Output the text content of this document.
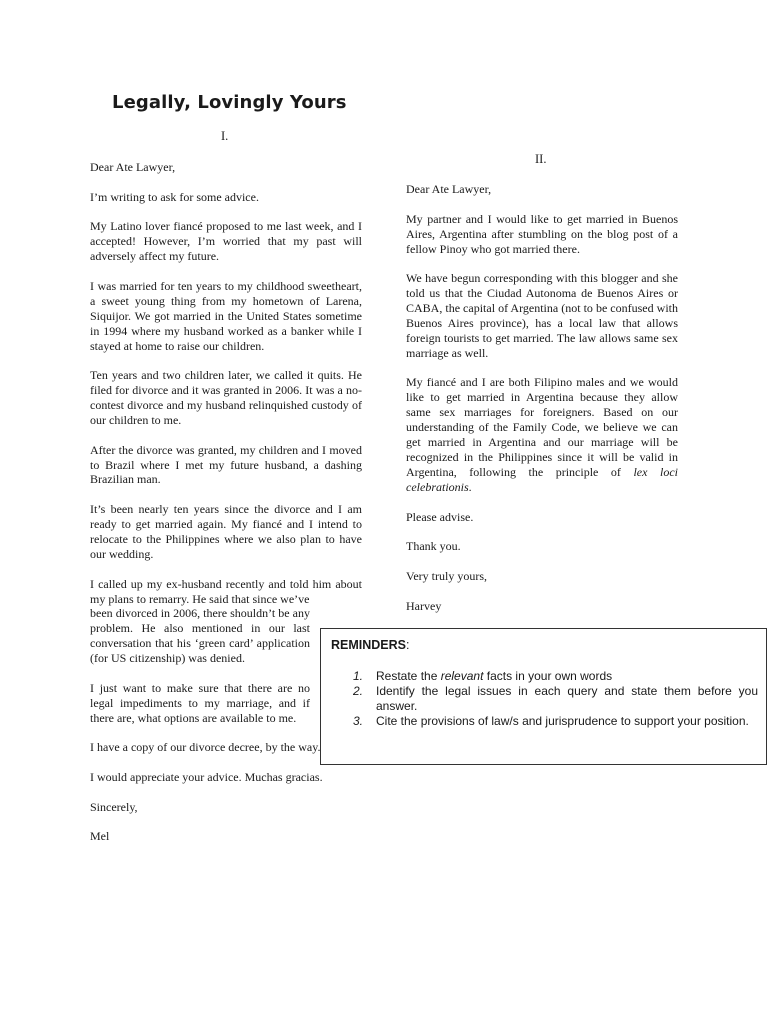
Legally, Lovingly Yours
I.
II.

Dear Ate Lawyer,

I’m writing to ask for some advice.

My Latino lover fiancé proposed to me last week, and I accepted! However, I’m worried that my past will adversely affect my future.

I was married for ten years to my childhood sweetheart, a sweet young thing from my hometown of Larena, Siquijor. We got married in the United States sometime in 1994 where my husband worked as a banker while I stayed at home to raise our children.

Ten years and two children later, we called it quits. He filed for divorce and it was granted in 2006. It was a no-contest divorce and my husband relinquished custody of our children to me.

After the divorce was granted, my children and I moved to Brazil where I met my future husband, a dashing Brazilian man.

It’s been nearly ten years since the divorce and I am ready to get married again. My fiancé and I intend to relocate to the Philippines where we also plan to have our wedding.

I called up my ex-husband recently and told him about my plans to remarry. He said that since we’ve
been divorced in 2006, there shouldn’t be any problem. He also mentioned in our last conversation that his ‘green card’ application (for US citizenship) was denied.

I just want to make sure that there are no legal impediments to my marriage, and if there are, what options are available to me.

I have a copy of our divorce decree, by the way.

I would appreciate your advice. Muchas gracias.

Sincerely,

Mel

Dear Ate Lawyer,

My partner and I would like to get married in Buenos Aires, Argentina after stumbling on the blog post of a fellow Pinoy who got married there.

We have begun corresponding with this blogger and she told us that the Ciudad Autonoma de Buenos Aires or CABA, the capital of Argentina (not to be confused with Buenos Aires province), has a local law that allows foreign tourists to get married. The law allows same sex marriage as well.

My fiancé and I are both Filipino males and we would like to get married in Argentina because they allow same sex marriages for foreigners. Based on our understanding of the Family Code, we believe we can get married in Argentina and our marriage will be recognized in the Philippines since it will be valid in Argentina, following the principle of lex loci celebrationis.

Please advise.

Thank you.

Very truly yours,

Harvey

REMINDERS:
1. Restate the relevant facts in your own words
2. Identify the legal issues in each query and state them before you answer.
3. Cite the provisions of law/s and jurisprudence to support your position.
